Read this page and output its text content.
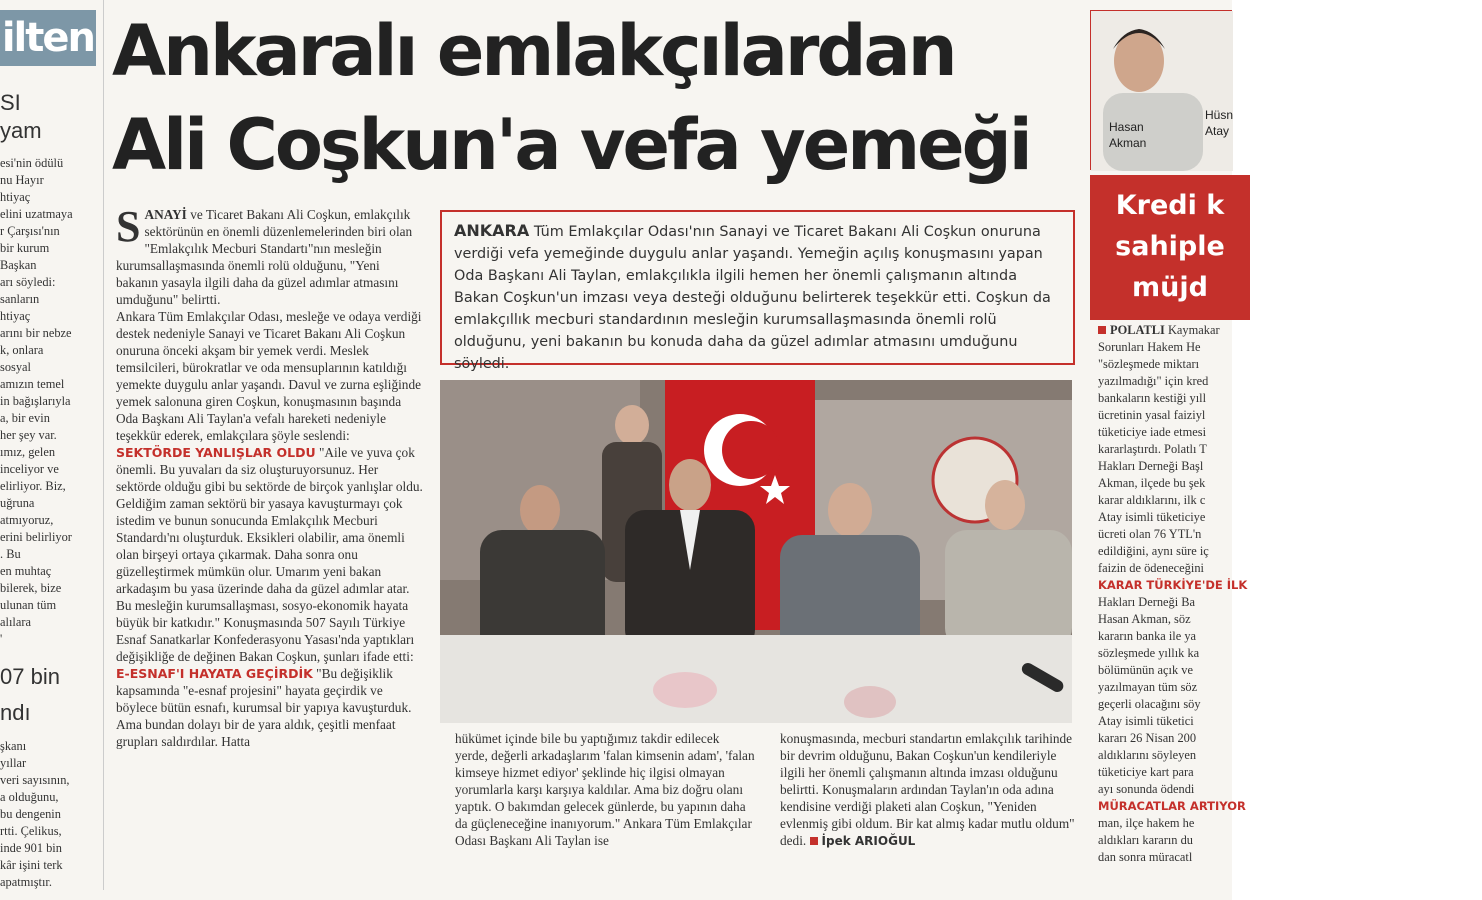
ilten
SI
yam
esi'nin ödülü
nu Hayır
htiyaç
elini uzatmaya
r Çarşısı'nın
bir kurum
Başkan
arı söyledi:
sanların
htiyaç
arını bir nebze
k, onlara
sosyal
amızın temel
in bağışlarıyla
a, bir evin
her şey var.
ımız, gelen
inceliyor ve
elirliyor. Biz,
uğruna
atmıyoruz,
erini belirliyor
. Bu
en muhtaç
bilerek, bize
ulunan tüm
alılara
'
07 bin
ndı
şkanı
yıllar
veri sayısının,
a olduğunu,
bu dengenin
rtti. Çelikus,
inde 901 bin
kâr işini terk
apatmıştır.
Ankaralı emlakçılardan
Ali Coşkun'a vefa yemeği
ANKARA Tüm Emlakçılar Odası'nın Sanayi ve Ticaret Bakanı Ali Coşkun onuruna verdiği vefa yemeğinde duygulu anlar yaşandı. Yemeğin açılış konuşmasını yapan Oda Başkanı Ali Taylan, emlakçılıkla ilgili hemen her önemli çalışmanın altında Bakan Coşkun'un imzası veya desteği olduğunu belirterek teşekkür etti. Coşkun da emlakçıllık mecburi standardının mesleğin kurumsallaşmasında önemli rolü olduğunu, yeni bakanın bu konuda daha da güzel adımlar atmasını umduğunu söyledi.

S ANAYİ ve Ticaret Bakanı Ali Coşkun, emlakçılık sektörünün en önemli düzenlemelerinden biri olan "Emlakçılık Mecburi Standartı"nın mesleğin kurumsallaşmasında önemli rolü olduğunu, "Yeni bakanın yasayla ilgili daha da güzel adımlar atmasını umduğunu" belirtti.

Ankara Tüm Emlakçılar Odası, mesleğe ve odaya verdiği destek nedeniyle Sanayi ve Ticaret Bakanı Ali Coşkun onuruna önceki akşam bir yemek verdi. Meslek temsilcileri, bürokratlar ve oda mensuplarının katıldığı yemekte duygulu anlar yaşandı. Davul ve zurna eşliğinde yemek salonuna giren Coşkun, konuşmasının başında Oda Başkanı Ali Taylan'a vefalı hareketi nedeniyle teşekkür ederek, emlakçılara şöyle seslendi:

SEKTÖRDE YANLIŞLAR OLDU "Aile ve yuva çok önemli. Bu yuvaları da siz oluşturuyorsunuz. Her sektörde olduğu gibi bu sektörde de birçok yanlışlar oldu. Geldiğim zaman sektörü bir yasaya kavuşturmayı çok istedim ve bunun sonucunda Emlakçılık Mecburi Standardı'nı oluşturduk. Eksikleri olabilir, ama önemli olan birşeyi ortaya çıkarmak. Daha sonra onu güzelleştirmek mümkün olur. Umarım yeni bakan arkadaşım bu yasa üzerinde daha da güzel adımlar atar. Bu mesleğin kurumsallaşması, sosyo-ekonomik hayata büyük bir katkıdır." Konuşmasında 507 Sayılı Türkiye Esnaf Sanatkarlar Konfederasyonu Yasası'nda yaptıkları değişikliğe de değinen Bakan Coşkun, şunları ifade etti:

E-ESNAF'I HAYATA GEÇİRDİK "Bu değişiklik kapsamında "e-esnaf projesini" hayata geçirdik ve böylece bütün esnafı, kurumsal bir yapıya kavuşturduk. Ama bundan dolayı bir de yara aldık, çeşitli menfaat grupları saldırdılar. Hatta	hükümet içinde bile bu yaptığımız takdir edilecek yerde, değerli arkadaşlarım 'falan kimsenin adam', 'falan kimseye hizmet ediyor' şeklinde hiç ilgisi olmayan yorumlarla karşı karşıya kaldılar. Ama biz doğru olanı yaptık. O bakımdan gelecek günlerde, bu yapının daha da güçleneceğine inanıyorum." Ankara Tüm Emlakçılar Odası Başkanı Ali Taylan ise

konuşmasında, mecburi standartın emlakçılık tarihinde bir devrim olduğunu, Bakan Coşkun'un kendileriyle ilgili her önemli çalışmanın altında imzası olduğunu belirtti. Konuşmaların ardından Taylan'ın oda adına kendisine verdiği plaketi alan Coşkun, "Yeniden evlenmiş gibi oldum. Bir kat almış kadar mutlu oldum" dedi. İpek ARIOĞUL

Hasan
Akman
Hüsn
Atay
Kredi k
sahiple
müjd
POLATLI Kaymakar
Sorunları Hakem He
"sözleşmede miktarı
yazılmadığı" için kred
bankaların kestiği yıll
ücretinin yasal faiziyl
tüketiciye iade etmesi
kararlaştırdı. Polatlı T
Hakları Derneği Başl
Akman, ilçede bu şek
karar aldıklarını, ilk c
Atay isimli tüketiciye
ücreti olan 76 YTL'n
edildiğini, aynı süre iç
faizin de ödeneceğini
KARAR TÜRKİYE'DE İLK
Hakları Derneği Ba
Hasan Akman, söz
kararın banka ile ya
sözleşmede yıllık ka
bölümünün açık ve
yazılmayan tüm söz
geçerli olacağını söy
Atay isimli tüketici
kararı 26 Nisan 200
aldıklarını söyleyen
tüketiciye kart para
ayı sonunda ödendi
MÜRACATLAR ARTIYOR
man, ilçe hakem he
aldıkları kararın du
dan sonra müracatl
